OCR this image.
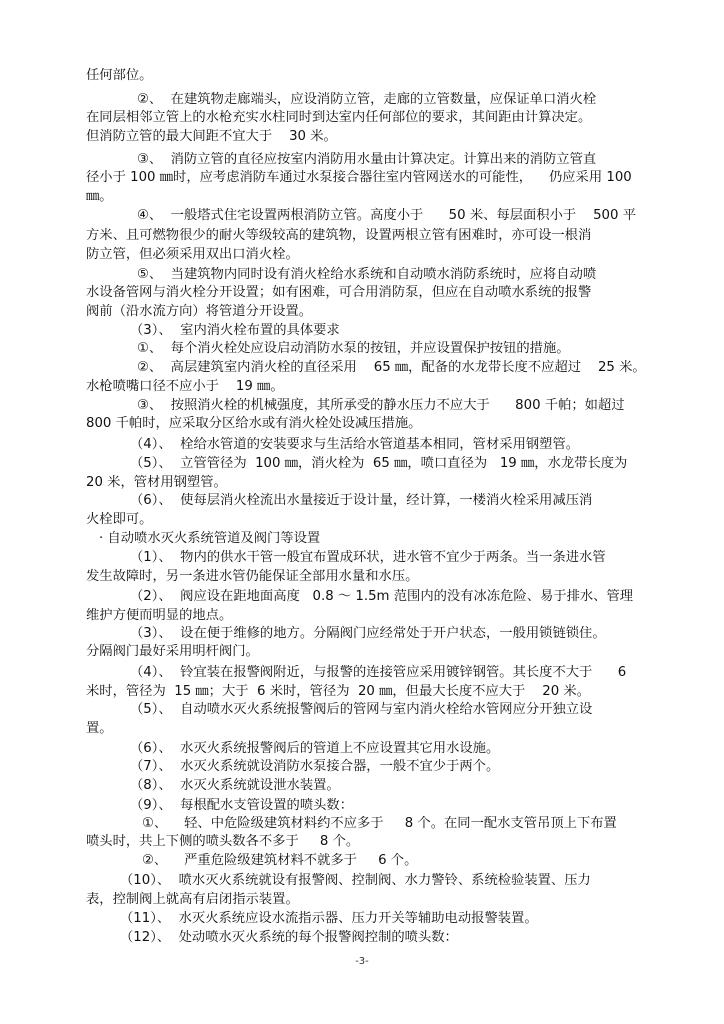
任何部位。
②、  在建筑物走廊端头，应设消防立管，走廊的立管数量，应保证单口消火栓
在同层相邻立管上的水枪充实水柱同时到达室内任何部位的要求，其间距由计算决定。
但消防立管的最大间距不宜大于    30 米。
③、  消防立管的直径应按室内消防用水量由计算决定。计算出来的消防立管直
径小于 100 ㎜时，应考虑消防车通过水泵接合器往室内管网送水的可能性，    仍应采用 100
㎜。
④、  一般塔式住宅设置两根消防立管。高度小于      50 米、每层面积小于    500 平
方米、且可燃物很少的耐火等级较高的建筑物，设置两根立管有困难时，亦可设一根消
防立管，但必须采用双出口消火栓。
⑤、  当建筑物内同时设有消火栓给水系统和自动喷水消防系统时，应将自动喷
水设备管网与消火栓分开设置；如有困难，可合用消防泵，但应在自动喷水系统的报警
阀前（沿水流方向）将管道分开设置。
（3）、  室内消火栓布置的具体要求
①、  每个消火栓处应设启动消防水泵的按钮，并应设置保护按钮的措施。
②、  高层建筑室内消火栓的直径采用    65 ㎜，配备的水龙带长度不应超过    25 米。
水枪喷嘴口径不应小于    19 ㎜。
③、  按照消火栓的机械强度，其所承受的静水压力不应大于      800 千帕；如超过
800 千帕时，应采取分区给水或有消火栓处设减压措施。
（4）、  栓给水管道的安装要求与生活给水管道基本相同，管材采用钢塑管。
（5）、  立管管径为  100 ㎜，消火栓为  65 ㎜，喷口直径为   19 ㎜，水龙带长度为
20 米，管材用钢塑管。
（6）、  使每层消火栓流出水量接近于设计量，经计算，一楼消火栓采用减压消
火栓即可。
· 自动喷水灭火系统管道及阀门等设置
（1）、  物内的供水干管一般宜布置成环状，进水管不宜少于两条。当一条进水管
发生故障时，另一条进水管仍能保证全部用水量和水压。
（2）、  阀应设在距地面高度   0.8 ～ 1.5m 范围内的没有冰冻危险、易于排水、管理
维护方便而明显的地点。
（3）、  设在便于维修的地方。分隔阀门应经常处于开户状态，一般用锁链锁住。
分隔阀门最好采用明杆阀门。
（4）、  铃宜装在报警阀附近，与报警的连接管应采用镀锌钢管。其长度不大于      6
米时，管径为  15 ㎜；大于  6 米时，管径为  20 ㎜，但最大长度不应大于    20 米。
（5）、  自动喷水灭火系统报警阀后的管网与室内消火栓给水管网应分开独立设
置。
（6）、  水灭火系统报警阀后的管道上不应设置其它用水设施。
（7）、  水灭火系统就设消防水泵接合器，一般不宜少于两个。
（8）、  水灭火系统就设泄水装置。
（9）、  每根配水支管设置的喷头数：
①、    轻、中危险级建筑材料约不应多于     8 个。在同一配水支管吊顶上下布置
喷头时，共上下侧的喷头数各不多于     8 个。
②、    严重危险级建筑材料不就多于     6 个。
（10）、  喷水灭火系统就设有报警阀、控制阀、水力警铃、系统检验装置、压力
表，控制阀上就高有启闭指示装置。
（11）、  水灭火系统应设水流指示器、压力开关等辅助电动报警装置。
（12）、  处动喷水灭火系统的每个报警阀控制的喷头数：
-3-
